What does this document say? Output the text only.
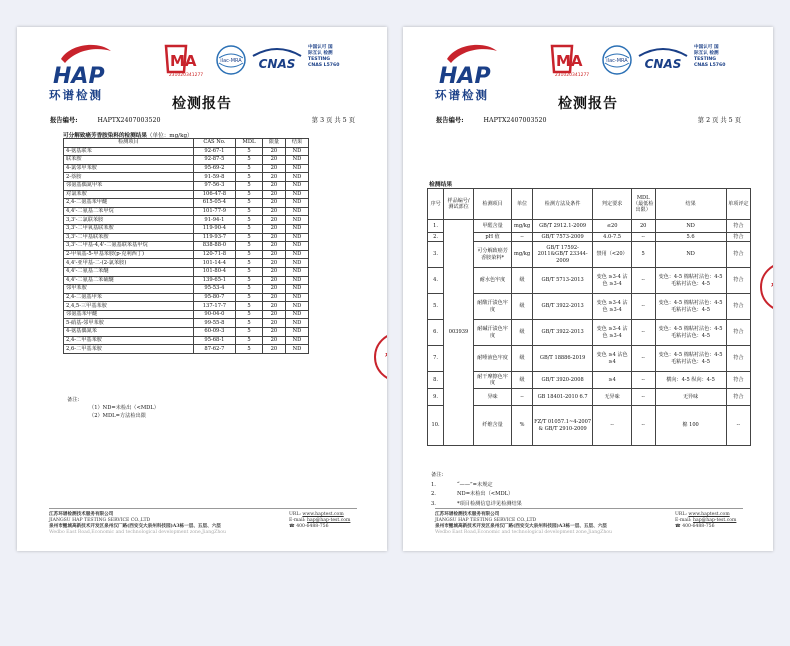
HAP
环谱检测
MA
231020341277
ilac-MRA CNAS
中国认可 国际互认 检测
TESTING
CNAS L5760
检测报告
报告编号:	HAPTX2407003520	第 3 页 共 5 页
可分解致癌芳香胺染料的检测结果（单位：mg/kg）
检测项目	CAS No.	MDL	限量	结果
4-氨基联苯	92-67-1	5	20	ND
联苯胺	92-87-5	5	20	ND
4-氯邻甲苯胺	95-69-2	5	20	ND
2-萘胺	91-59-8	5	20	ND
邻氨基偶氮甲苯	97-56-3	5	20	ND
对氯苯胺	106-47-8	5	20	ND
2,4-二氨基苯甲醚	615-05-4	5	20	ND
4,4'-二氨基二苯甲烷	101-77-9	5	20	ND
3,3'-二氯联苯胺	91-94-1	5	20	ND
3,3'-二甲氧基联苯胺	119-90-4	5	20	ND
3,3'-二甲基联苯胺	119-93-7	5	20	ND
3,3'-二甲基-4,4'-二氨基联苯基甲烷	838-88-0	5	20	ND
2-甲氧基-5-甲基苯胺(p-克利西丁)	120-71-8	5	20	ND
4,4'-亚甲基-二-(2-氯苯胺)	101-14-4	5	20	ND
4,4'-二氨基二苯醚	101-80-4	5	20	ND
4,4'-二氨基二苯硫醚	139-65-1	5	20	ND
邻甲苯胺	95-53-4	5	20	ND
2,4-二氨基甲苯	95-80-7	5	20	ND
2,4,5-三甲基苯胺	137-17-7	5	20	ND
邻氨基苯甲醚	90-04-0	5	20	ND
5-硝基-邻甲苯胺	99-55-8	5	20	ND
4-氨基偶氮苯	60-09-3	5	20	ND
2,4-二甲基苯胺	95-68-1	5	20	ND
2,6-二甲基苯胺	87-62-7	5	20	ND
备注:
（1）ND=未检出（<MDL）
（2）MDL=方法检出限
江苏环谱检测技术服务有限公司
JIANGSU HAP TESTING SERVICE CO.,LTD
泉州市鲤城高新技术开发区泉州汉厂路(西安交大泉州科技园)A3栋一层、五层、六层
Wedbo East Road,Economic and technological development zone,JiangZhou
URL: www.haptest.com
E-mail: hap@hap-test.com
☎ 400-6488-756
HAP
环谱检测
MA
231020341277
ilac-MRA CNAS
中国认可 国际互认 检测
TESTING
CNAS L5760
检测报告
报告编号:	HAPTX2407003520	第 2 页 共 5 页
检测结果
序号	样品编号/测试部位	检测项目	单位	检测方法及条件	判定要求	MDL（最低检出限）	结果	单项评定
1.	003939	甲醛含量	mg/kg	GB/T 2912.1-2009	≤20	20	ND	符合
2.		pH 值	--	GB/T 7573-2009	4.0-7.5	--	5.6	符合
3.		可分解致癌芳香胺染料*	mg/kg	GB/T 17592-2011&GB/T 23344-2009	禁用（<20）	5	ND	符合
4.		耐水色牢度	级	GB/T 5713-2013	变色 ≥3-4 沾色 ≥3-4	--	变色：4-5 棉粘衬沾色：4-5 毛粘衬沾色：4-5	符合
5.		耐酸汗渍色牢度	级	GB/T 3922-2013	变色 ≥3-4 沾色 ≥3-4	--	变色：4-5 棉粘衬沾色：4-5 毛粘衬沾色：4-5	符合
6.		耐碱汗渍色牢度	级	GB/T 3922-2013	变色 ≥3-4 沾色 ≥3-4	--	变色：4-5 棉粘衬沾色：4-5 毛粘衬沾色：4-5	符合
7.		耐唾液色牢度	级	GB/T 18886-2019	变色 ≥4 沾色 ≥4	--	变色：4-5 棉粘衬沾色：4-5 毛粘衬沾色：4-5	符合
8.		耐干摩擦色牢度	级	GB/T 3920-2008	≥4	--	横向：4-5 纵向：4-5	符合
9.		异味	--	GB 18401-2010 6.7	无异味	--	无异味	符合
10.		纤维含量	%	FZ/T 01057.1~4-2007 & GB/T 2910-2009	--	--	棉 100	--
备注:
1.	“——”=未规定
2.	ND=未检出（<MDL）
3.	*项目检测信息详见检测结果
江苏环谱检测技术服务有限公司
JIANGSU HAP TESTING SERVICE CO.,LTD
泉州市鲤城高新技术开发区泉州汉厂路(西安交大泉州科技园)A3栋一层、五层、六层
Wedbo East Road,Economic and technological development zone,JiangZhou
URL: www.haptest.com
E-mail: hap@hap-test.com
☎ 400-6488-756
